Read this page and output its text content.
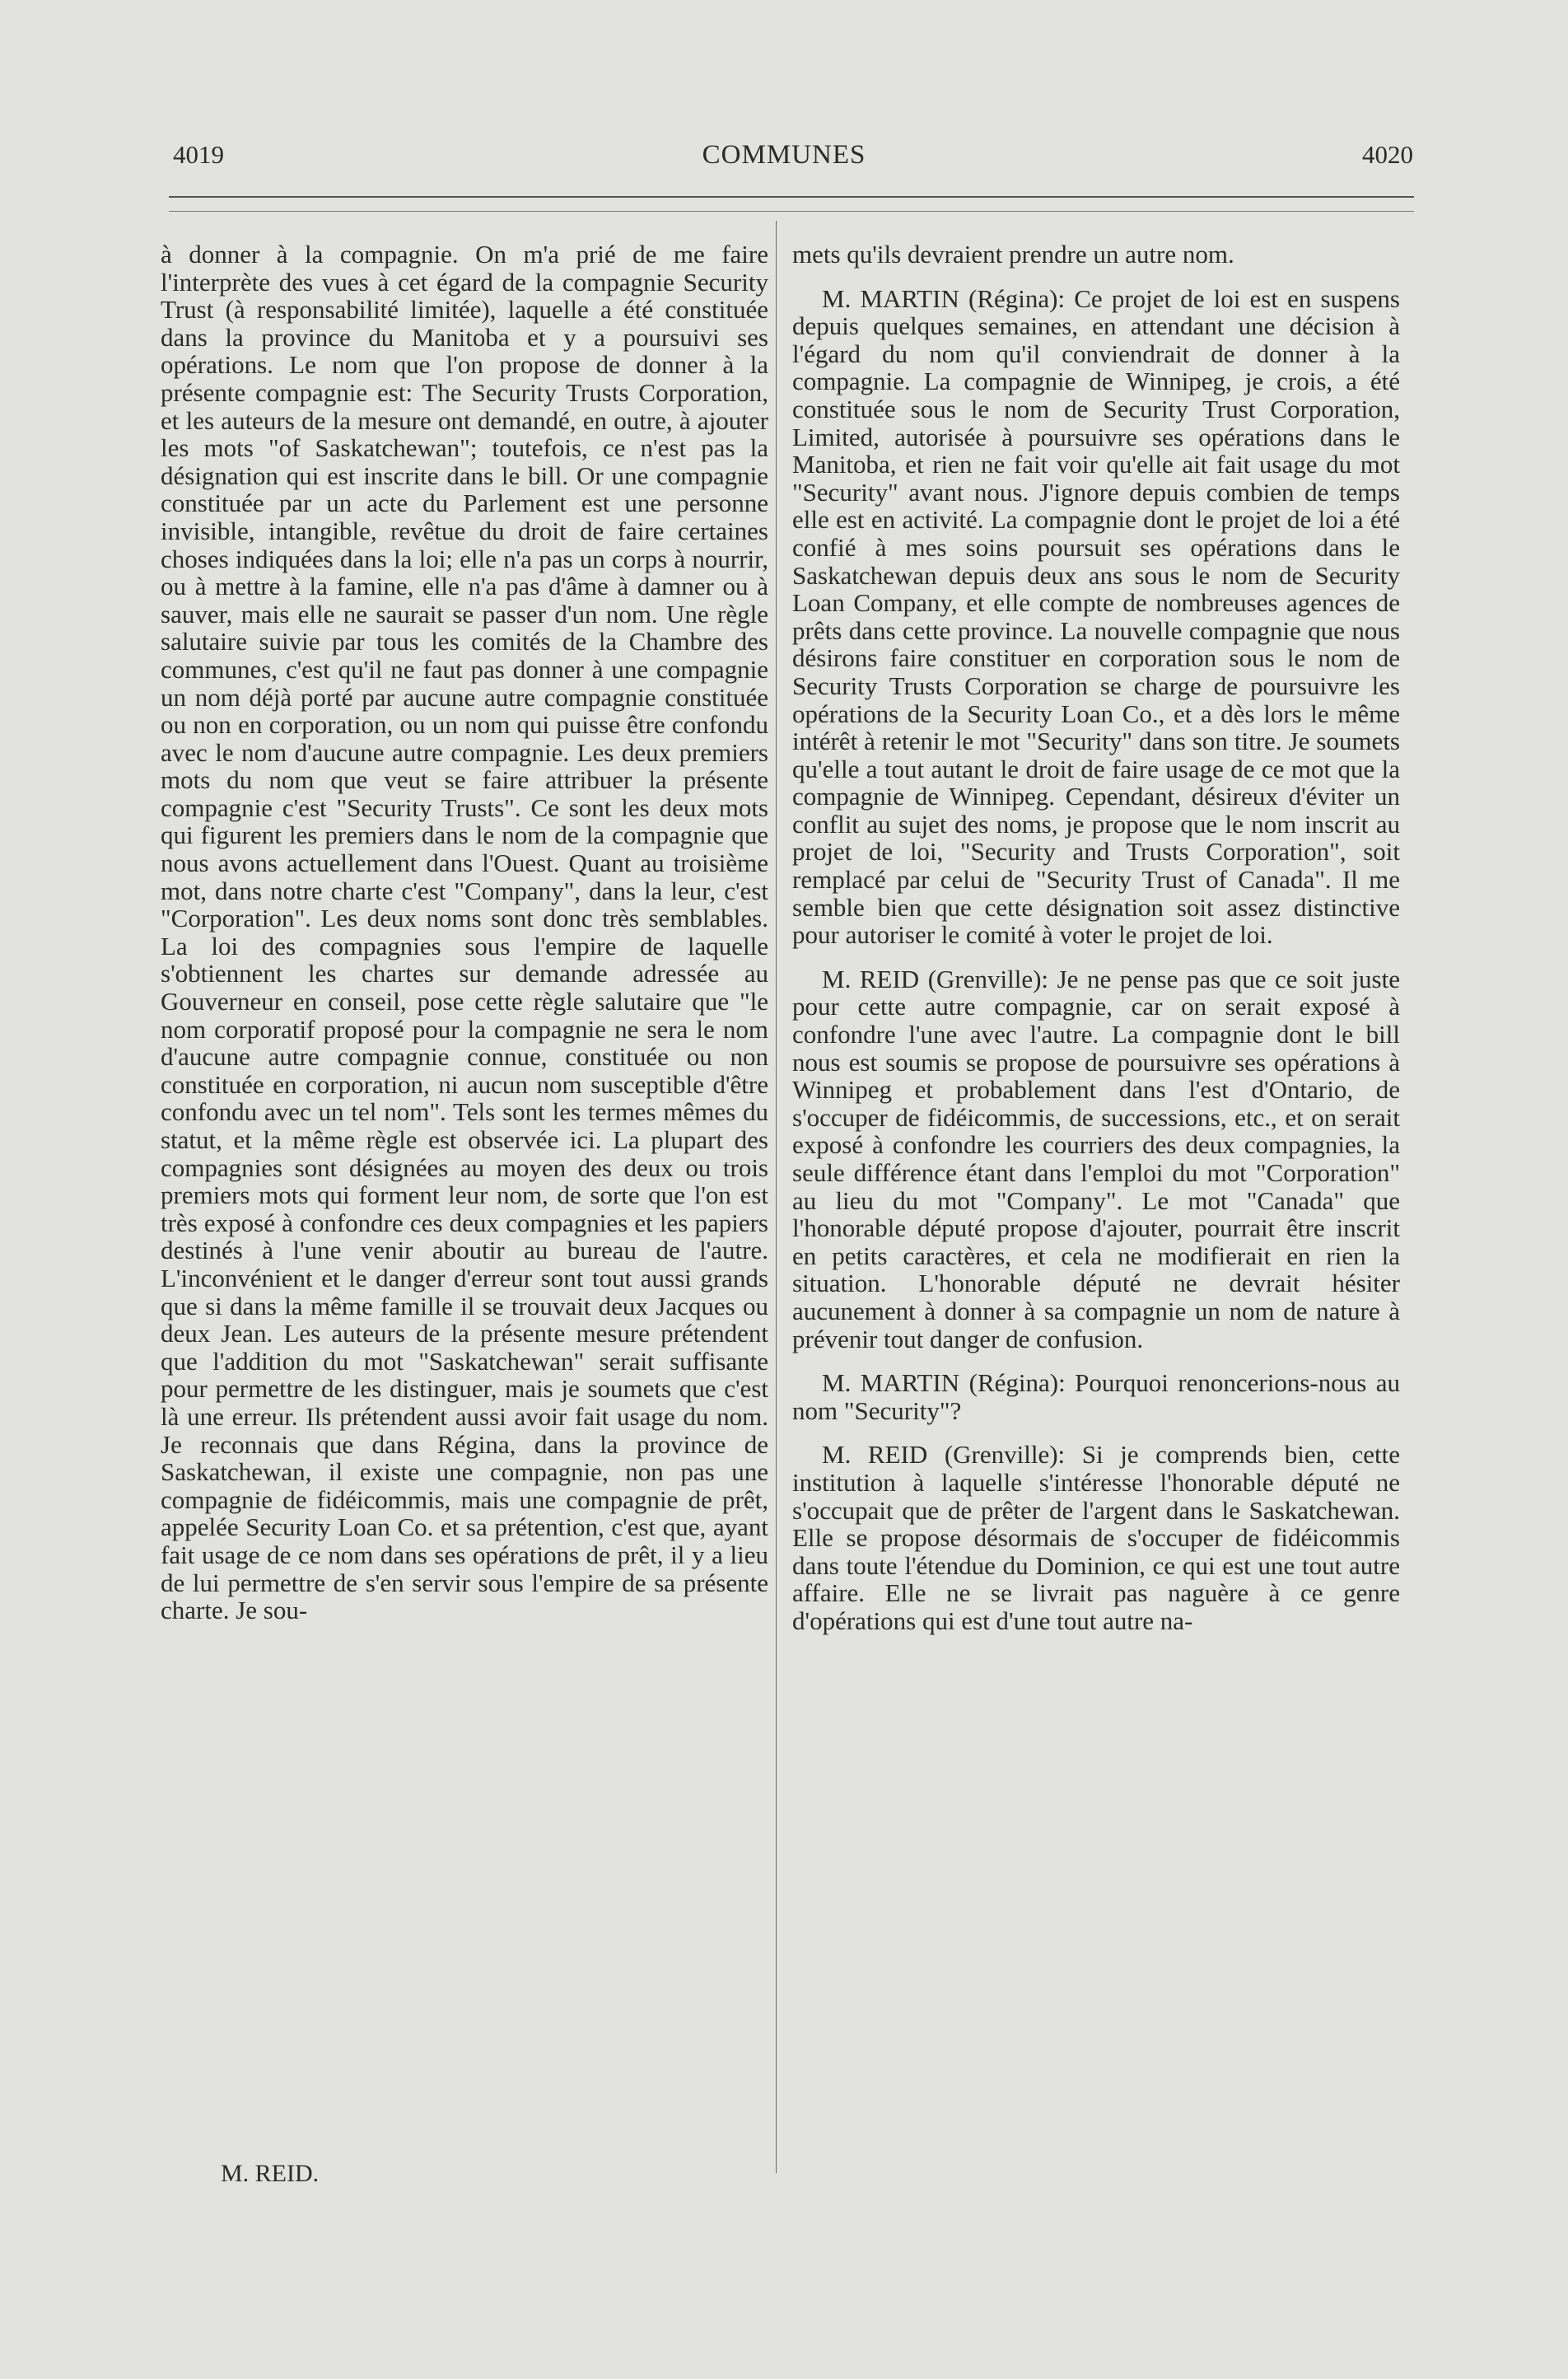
4019	COMMUNES	4020

à donner à la compagnie. On m'a prié de me faire l'interprète des vues à cet égard de la compagnie Security Trust (à responsabilité limitée), laquelle a été constituée dans la province du Manitoba et y a poursuivi ses opérations. Le nom que l'on propose de donner à la présente compagnie est: The Security Trusts Corporation, et les auteurs de la mesure ont demandé, en outre, à ajouter les mots "of Saskatchewan"; toutefois, ce n'est pas la désignation qui est inscrite dans le bill. Or une compagnie constituée par un acte du Parlement est une personne invisible, intangible, revêtue du droit de faire certaines choses indiquées dans la loi; elle n'a pas un corps à nourrir, ou à mettre à la famine, elle n'a pas d'âme à damner ou à sauver, mais elle ne saurait se passer d'un nom. Une règle salutaire suivie par tous les comités de la Chambre des communes, c'est qu'il ne faut pas donner à une compagnie un nom déjà porté par aucune autre compagnie constituée ou non en corporation, ou un nom qui puisse être confondu avec le nom d'aucune autre compagnie. Les deux premiers mots du nom que veut se faire attribuer la présente compagnie c'est "Security Trusts". Ce sont les deux mots qui figurent les premiers dans le nom de la compagnie que nous avons actuellement dans l'Ouest. Quant au troisième mot, dans notre charte c'est "Company", dans la leur, c'est "Corporation". Les deux noms sont donc très semblables. La loi des compagnies sous l'empire de laquelle s'obtiennent les chartes sur demande adressée au Gouverneur en conseil, pose cette règle salutaire que "le nom corporatif proposé pour la compagnie ne sera le nom d'aucune autre compagnie connue, constituée ou non constituée en corporation, ni aucun nom susceptible d'être confondu avec un tel nom". Tels sont les termes mêmes du statut, et la même règle est observée ici. La plupart des compagnies sont désignées au moyen des deux ou trois premiers mots qui forment leur nom, de sorte que l'on est très exposé à confondre ces deux compagnies et les papiers destinés à l'une venir aboutir au bureau de l'autre. L'inconvénient et le danger d'erreur sont tout aussi grands que si dans la même famille il se trouvait deux Jacques ou deux Jean. Les auteurs de la présente mesure prétendent que l'addition du mot "Saskatchewan" serait suffisante pour permettre de les distinguer, mais je soumets que c'est là une erreur. Ils prétendent aussi avoir fait usage du nom. Je reconnais que dans Régina, dans la province de Saskatchewan, il existe une compagnie, non pas une compagnie de fidéicommis, mais une compagnie de prêt, appelée Security Loan Co. et sa prétention, c'est que, ayant fait usage de ce nom dans ses opérations de prêt, il y a lieu de lui permettre de s'en servir sous l'empire de sa présente charte. Je sou-

M. REID.

mets qu'ils devraient prendre un autre nom.

M. MARTIN (Régina): Ce projet de loi est en suspens depuis quelques semaines, en attendant une décision à l'égard du nom qu'il conviendrait de donner à la compagnie. La compagnie de Winnipeg, je crois, a été constituée sous le nom de Security Trust Corporation, Limited, autorisée à poursuivre ses opérations dans le Manitoba, et rien ne fait voir qu'elle ait fait usage du mot "Security" avant nous. J'ignore depuis combien de temps elle est en activité. La compagnie dont le projet de loi a été confié à mes soins poursuit ses opérations dans le Saskatchewan depuis deux ans sous le nom de Security Loan Company, et elle compte de nombreuses agences de prêts dans cette province. La nouvelle compagnie que nous désirons faire constituer en corporation sous le nom de Security Trusts Corporation se charge de poursuivre les opérations de la Security Loan Co., et a dès lors le même intérêt à retenir le mot "Security" dans son titre. Je soumets qu'elle a tout autant le droit de faire usage de ce mot que la compagnie de Winnipeg. Cependant, désireux d'éviter un conflit au sujet des noms, je propose que le nom inscrit au projet de loi, "Security and Trusts Corporation", soit remplacé par celui de "Security Trust of Canada". Il me semble bien que cette désignation soit assez distinctive pour autoriser le comité à voter le projet de loi.

M. REID (Grenville): Je ne pense pas que ce soit juste pour cette autre compagnie, car on serait exposé à confondre l'une avec l'autre. La compagnie dont le bill nous est soumis se propose de poursuivre ses opérations à Winnipeg et probablement dans l'est d'Ontario, de s'occuper de fidéicommis, de successions, etc., et on serait exposé à confondre les courriers des deux compagnies, la seule différence étant dans l'emploi du mot "Corporation" au lieu du mot "Company". Le mot "Canada" que l'honorable député propose d'ajouter, pourrait être inscrit en petits caractères, et cela ne modifierait en rien la situation. L'honorable député ne devrait hésiter aucunement à donner à sa compagnie un nom de nature à prévenir tout danger de confusion.

M. MARTIN (Régina): Pourquoi renoncerions-nous au nom "Security"?

M. REID (Grenville): Si je comprends bien, cette institution à laquelle s'intéresse l'honorable député ne s'occupait que de prêter de l'argent dans le Saskatchewan. Elle se propose désormais de s'occuper de fidéicommis dans toute l'étendue du Dominion, ce qui est une tout autre affaire. Elle ne se livrait pas naguère à ce genre d'opérations qui est d'une tout autre na-
